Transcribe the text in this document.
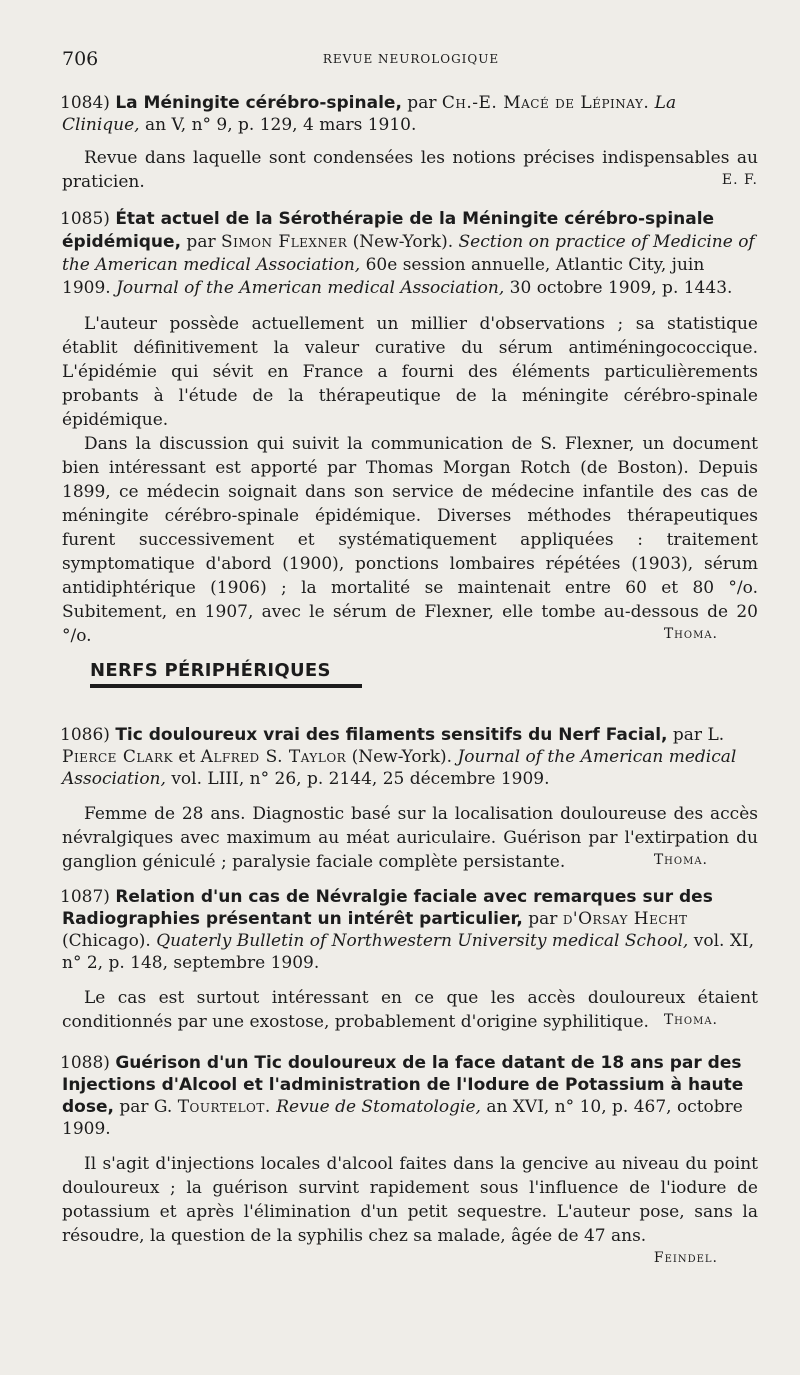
706	REVUE NEUROLOGIQUE

1084) La Méningite cérébro-spinale, par Ch.-E. Macé de Lépinay. La Clinique, an V, n° 9, p. 129, 4 mars 1910.

Revue dans laquelle sont condensées les notions précises indispensables au praticien.	E. F.

1085) État actuel de la Sérothérapie de la Méningite cérébro-spinale épidémique, par Simon Flexner (New-York). Section on practice of Medicine of the American medical Association, 60e session annuelle, Atlantic City, juin 1909. Journal of the American medical Association, 30 octobre 1909, p. 1443.

L'auteur possède actuellement un millier d'observations ; sa statistique établit définitivement la valeur curative du sérum antiméningococcique. L'épidémie qui sévit en France a fourni des éléments particulièrements probants à l'étude de la thérapeutique de la méningite cérébro-spinale épidémique.

Dans la discussion qui suivit la communication de S. Flexner, un document bien intéressant est apporté par Thomas Morgan Rotch (de Boston). Depuis 1899, ce médecin soignait dans son service de médecine infantile des cas de méningite cérébro-spinale épidémique. Diverses méthodes thérapeutiques furent successivement et systématiquement appliquées : traitement symptomatique d'abord (1900), ponctions lombaires répétées (1903), sérum antidiphtérique (1906) ; la mortalité se maintenait entre 60 et 80 °/o. Subitement, en 1907, avec le sérum de Flexner, elle tombe au-dessous de 20 °/o.	Thoma.
NERFS PÉRIPHÉRIQUES

1086) Tic douloureux vrai des filaments sensitifs du Nerf Facial, par L. Pierce Clark et Alfred S. Taylor (New-York). Journal of the American medical Association, vol. LIII, n° 26, p. 2144, 25 décembre 1909.

Femme de 28 ans. Diagnostic basé sur la localisation douloureuse des accès névralgiques avec maximum au méat auriculaire. Guérison par l'extirpation du ganglion géniculé ; paralysie faciale complète persistante.	Thoma.

1087) Relation d'un cas de Névralgie faciale avec remarques sur des Radiographies présentant un intérêt particulier, par d'Orsay Hecht (Chicago). Quaterly Bulletin of Northwestern University medical School, vol. XI, n° 2, p. 148, septembre 1909.

Le cas est surtout intéressant en ce que les accès douloureux étaient conditionnés par une exostose, probablement d'origine syphilitique.	Thoma.

1088) Guérison d'un Tic douloureux de la face datant de 18 ans par des Injections d'Alcool et l'administration de l'Iodure de Potassium à haute dose, par G. Tourtelot. Revue de Stomatologie, an XVI, n° 10, p. 467, octobre 1909.

Il s'agit d'injections locales d'alcool faites dans la gencive au niveau du point douloureux ; la guérison survint rapidement sous l'influence de l'iodure de potassium et après l'élimination d'un petit sequestre. L'auteur pose, sans la résoudre, la question de la syphilis chez sa malade, âgée de 47 ans.

Feindel.
